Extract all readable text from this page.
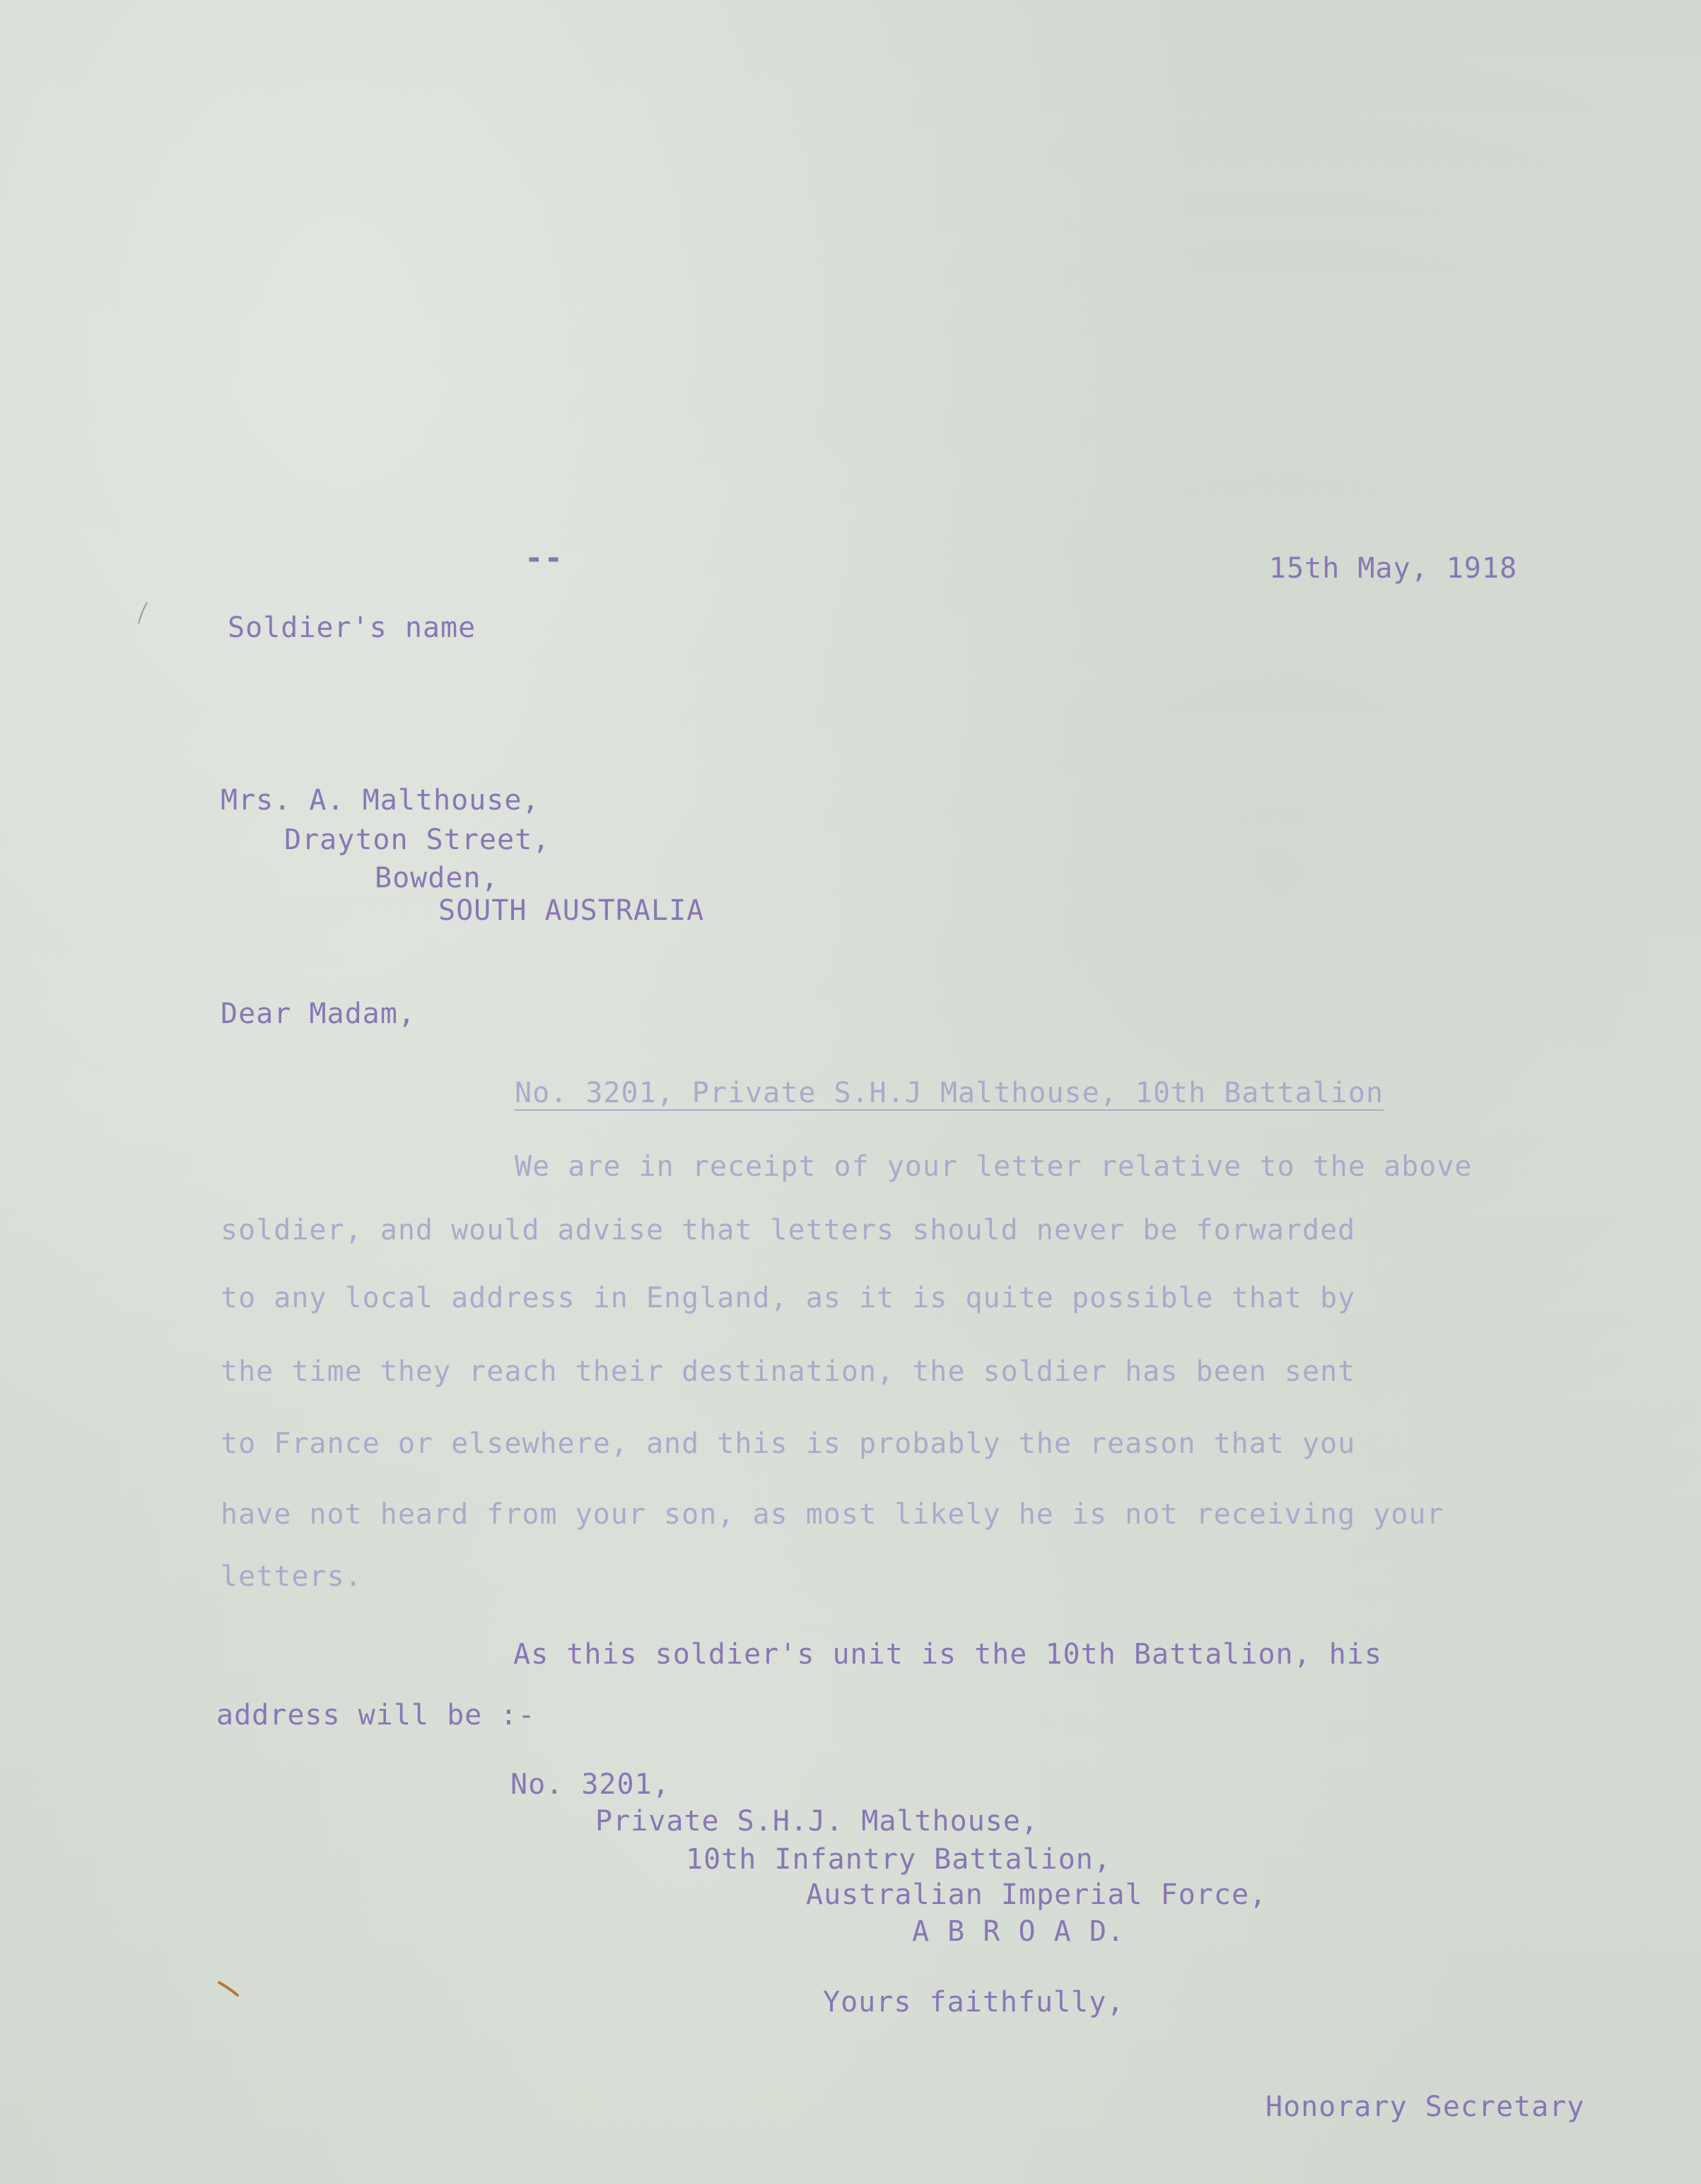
--	15th May, 1918
Soldier's name
Mrs. A. Malthouse,
Drayton Street,
Bowden,
SOUTH AUSTRALIA
Dear Madam,
No. 3201, Private S.H.J Malthouse, 10th Battalion
We are in receipt of your letter relative to the above
soldier, and would advise that letters should never be forwarded
to any local address in England, as it is quite possible that by
the time they reach their destination, the soldier has been sent
to France or elsewhere, and this is probably the reason that you
have not heard from your son, as most likely he is not receiving your
letters.
As this soldier's unit is the 10th Battalion, his
address will be :-
No. 3201,
Private S.H.J. Malthouse,
10th Infantry Battalion,
Australian Imperial Force,
A B R O A D.
Yours faithfully,
Honorary Secretary
